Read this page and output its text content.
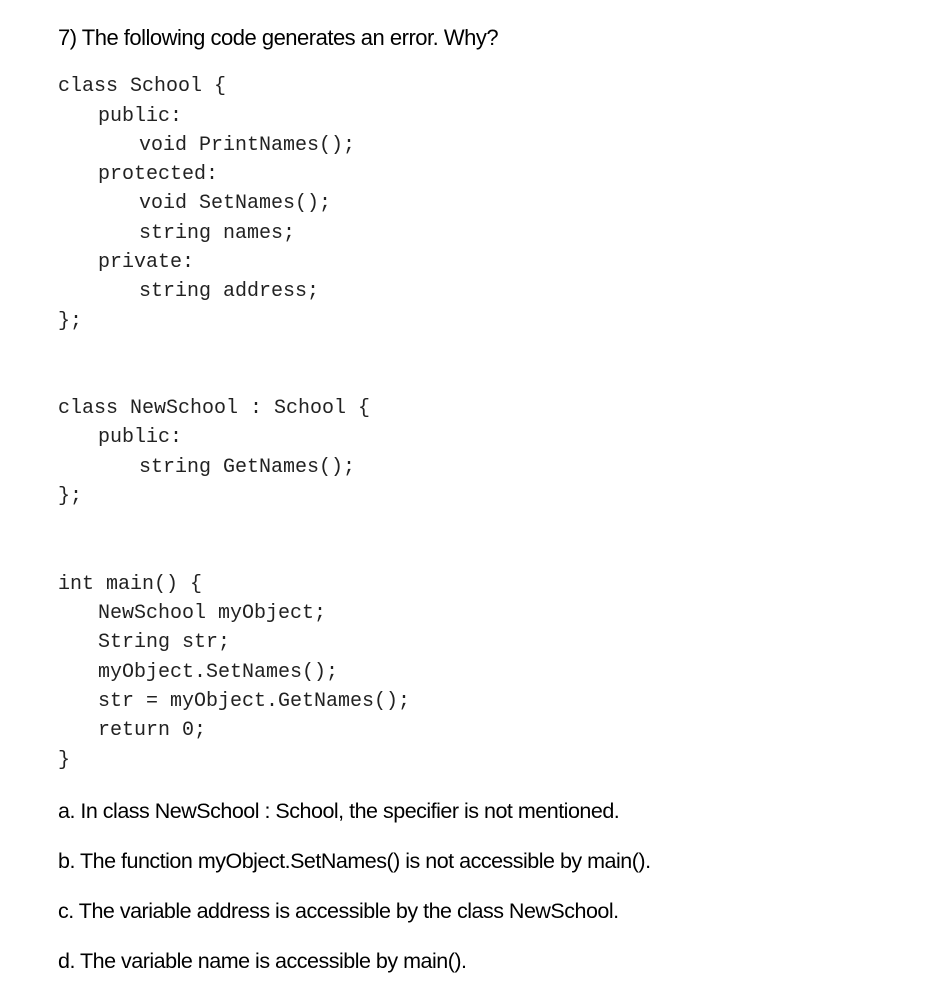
7) The following code generates an error. Why?
class School {
public:
void PrintNames();
protected:
void SetNames();
string names;
private:
string address;
};
class NewSchool : School {
public:
string GetNames();
};
int main() {
NewSchool myObject;
String str;
myObject.SetNames();
str = myObject.GetNames();
return 0;
}
a. In class NewSchool : School, the specifier is not mentioned.
b. The function myObject.SetNames() is not accessible by main().
c. The variable address is accessible by the class NewSchool.
d. The variable name is accessible by main().
